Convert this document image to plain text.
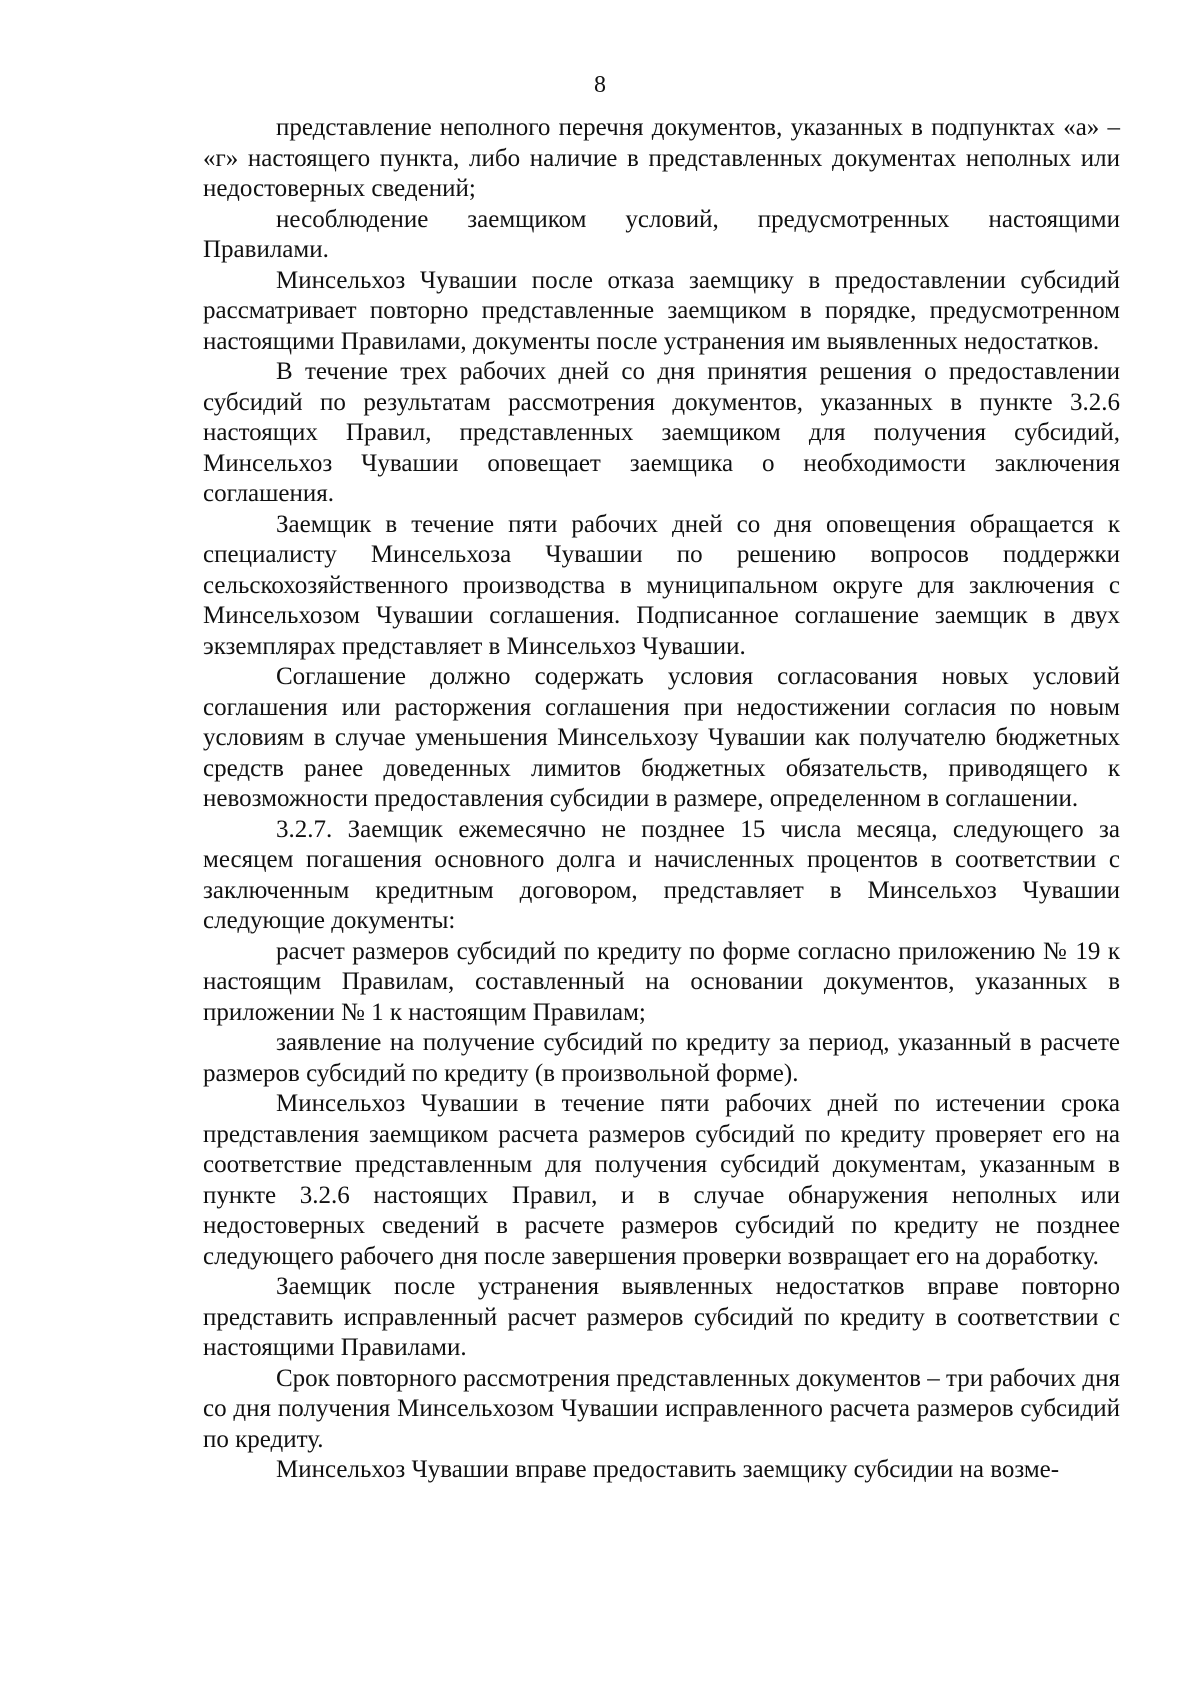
8

представление неполного перечня документов, указанных в подпунктах «а» – «г» настоящего пункта, либо наличие в представленных документах неполных или недостоверных сведений;

несоблюдение заемщиком условий, предусмотренных настоящими Правилами.

Минсельхоз Чувашии после отказа заемщику в предоставлении субсидий рассматривает повторно представленные заемщиком в порядке, предусмотренном настоящими Правилами, документы после устранения им выявленных недостатков.

В течение трех рабочих дней со дня принятия решения о предоставлении субсидий по результатам рассмотрения документов, указанных в пункте 3.2.6 настоящих Правил, представленных заемщиком для получения субсидий, Минсельхоз Чувашии оповещает заемщика о необходимости заключения соглашения.

Заемщик в течение пяти рабочих дней со дня оповещения обращается к специалисту Минсельхоза Чувашии по решению вопросов поддержки сельскохозяйственного производства в муниципальном округе для заключения с Минсельхозом Чувашии соглашения. Подписанное соглашение заемщик в двух экземплярах представляет в Минсельхоз Чувашии.

Соглашение должно содержать условия согласования новых условий соглашения или расторжения соглашения при недостижении согласия по новым условиям в случае уменьшения Минсельхозу Чувашии как получателю бюджетных средств ранее доведенных лимитов бюджетных обязательств, приводящего к невозможности предоставления субсидии в размере, определенном в соглашении.

3.2.7. Заемщик ежемесячно не позднее 15 числа месяца, следующего за месяцем погашения основного долга и начисленных процентов в соответствии с заключенным кредитным договором, представляет в Минсельхоз Чувашии следующие документы:

расчет размеров субсидий по кредиту по форме согласно приложению № 19 к настоящим Правилам, составленный на основании документов, указанных в приложении № 1 к настоящим Правилам;

заявление на получение субсидий по кредиту за период, указанный в расчете размеров субсидий по кредиту (в произвольной форме).

Минсельхоз Чувашии в течение пяти рабочих дней по истечении срока представления заемщиком расчета размеров субсидий по кредиту проверяет его на соответствие представленным для получения субсидий документам, указанным в пункте 3.2.6 настоящих Правил, и в случае обнаружения неполных или недостоверных сведений в расчете размеров субсидий по кредиту не позднее следующего рабочего дня после завершения проверки возвращает его на доработку.

Заемщик после устранения выявленных недостатков вправе повторно представить исправленный расчет размеров субсидий по кредиту в соответствии с настоящими Правилами.

Срок повторного рассмотрения представленных документов – три рабочих дня со дня получения Минсельхозом Чувашии исправленного расчета размеров субсидий по кредиту.

Минсельхоз Чувашии вправе предоставить заемщику субсидии на возме-
